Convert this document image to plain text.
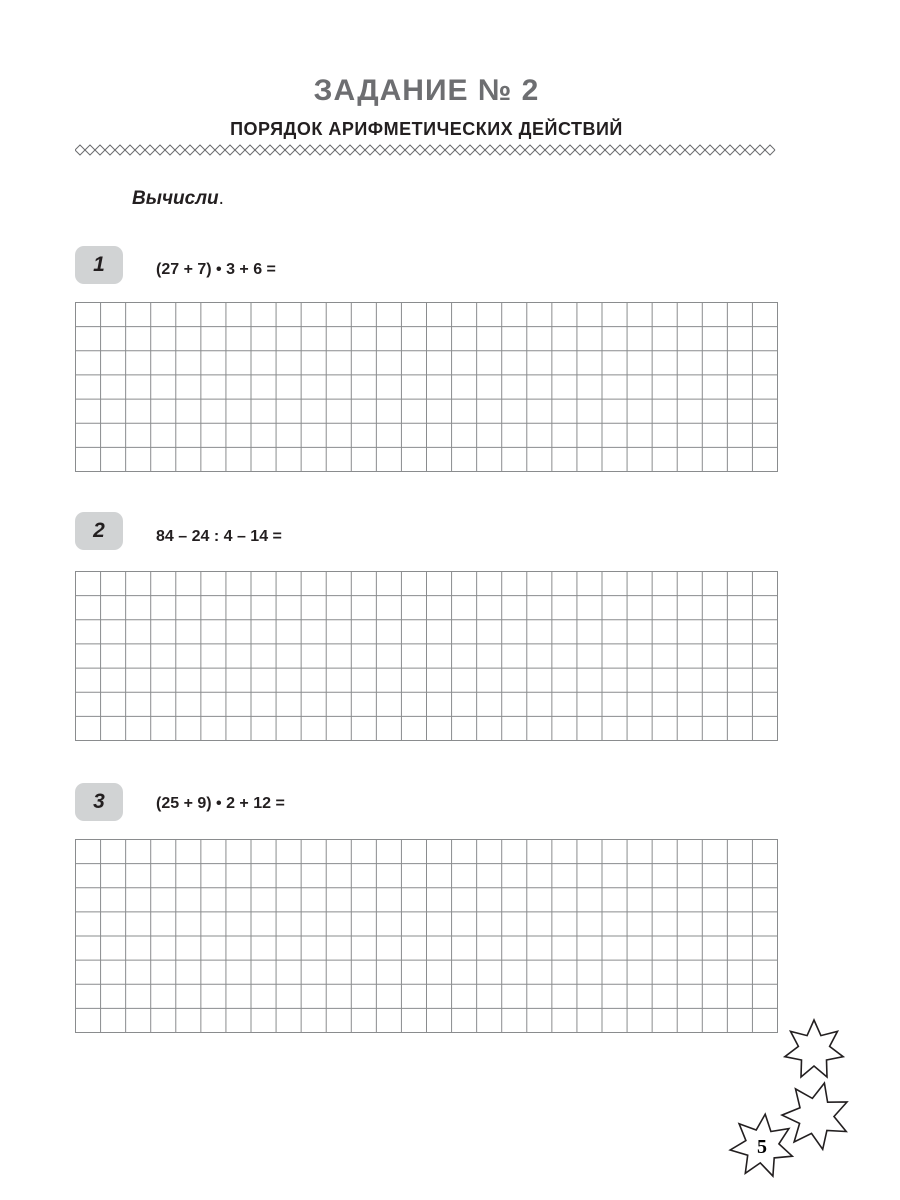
ЗАДАНИЕ № 2
ПОРЯДОК АРИФМЕТИЧЕСКИХ ДЕЙСТВИЙ
Вычисли.
1	(27 + 7) • 3 + 6 =
2	84 – 24 : 4 – 14 =
3	(25 + 9) • 2 + 12 =
5
